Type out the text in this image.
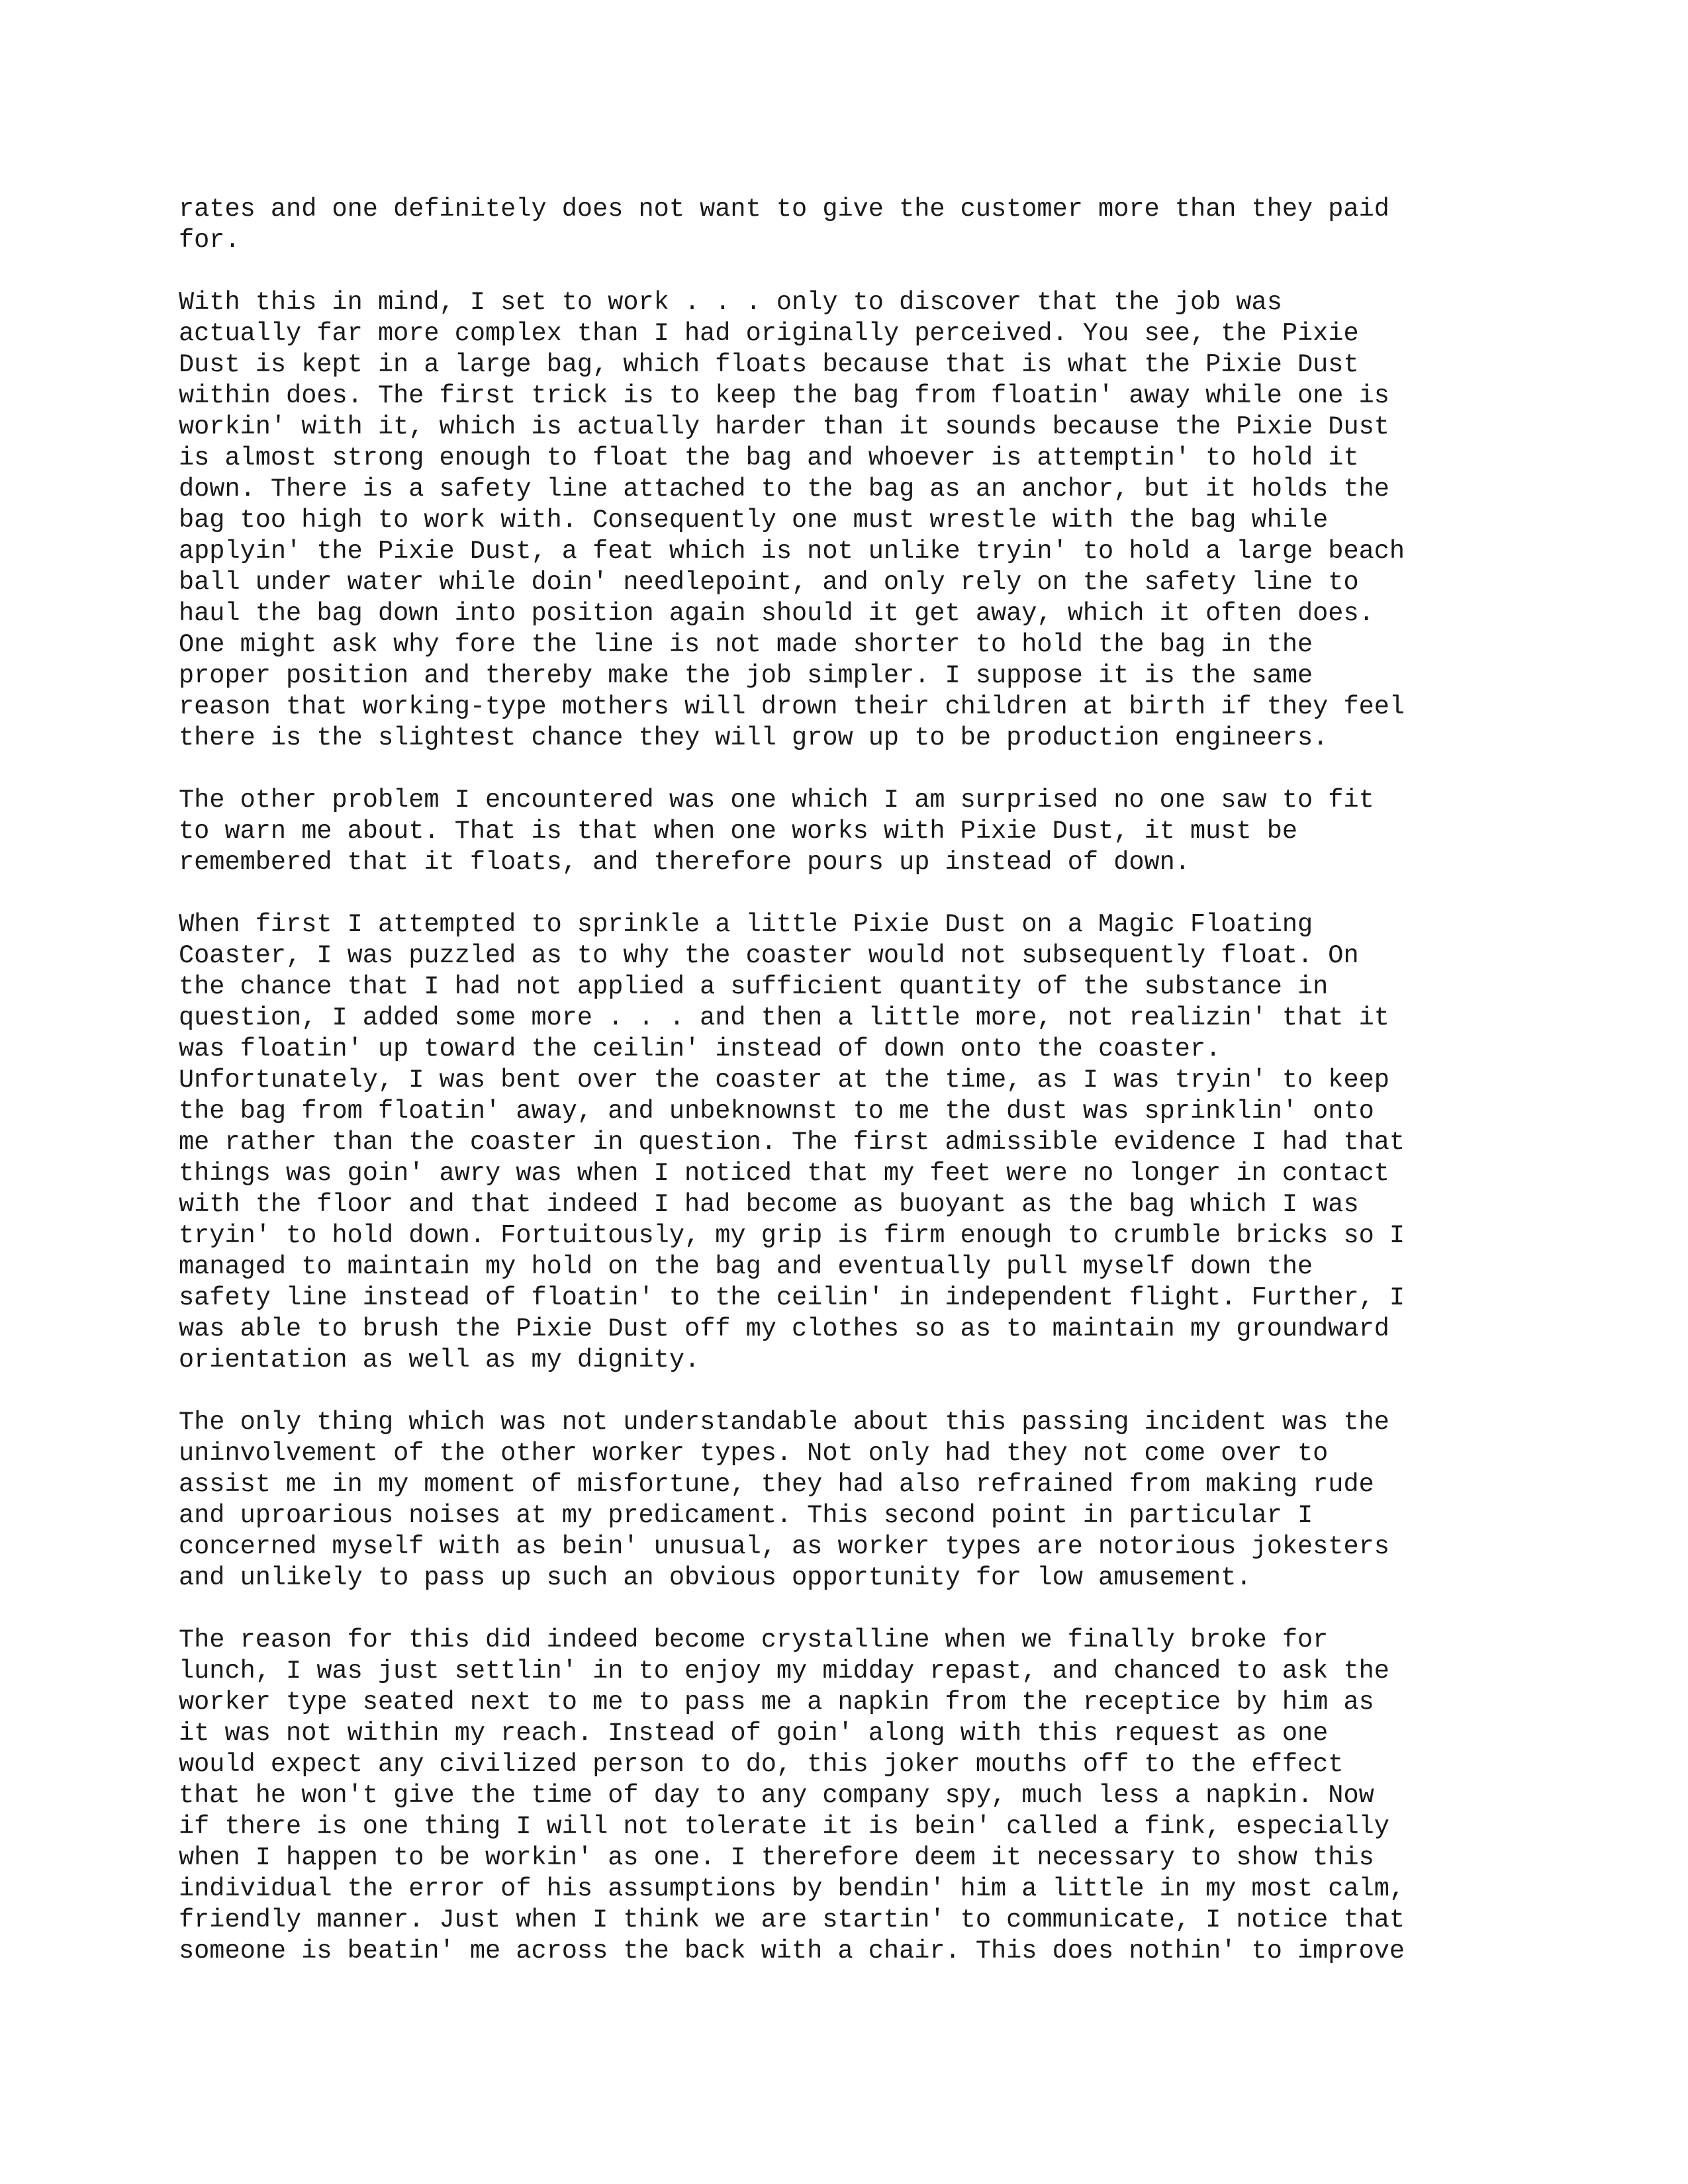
rates and one definitely does not want to give the customer more than they paid
for.
With this in mind, I set to work . . . only to discover that the job was
actually far more complex than I had originally perceived. You see, the Pixie
Dust is kept in a large bag, which floats because that is what the Pixie Dust
within does. The first trick is to keep the bag from floatin' away while one is
workin' with it, which is actually harder than it sounds because the Pixie Dust
is almost strong enough to float the bag and whoever is attemptin' to hold it
down. There is a safety line attached to the bag as an anchor, but it holds the
bag too high to work with. Consequently one must wrestle with the bag while
applyin' the Pixie Dust, a feat which is not unlike tryin' to hold a large beach
ball under water while doin' needlepoint, and only rely on the safety line to
haul the bag down into position again should it get away, which it often does.
One might ask why fore the line is not made shorter to hold the bag in the
proper position and thereby make the job simpler. I suppose it is the same
reason that working-type mothers will drown their children at birth if they feel
there is the slightest chance they will grow up to be production engineers.
The other problem I encountered was one which I am surprised no one saw to fit
to warn me about. That is that when one works with Pixie Dust, it must be
remembered that it floats, and therefore pours up instead of down.
When first I attempted to sprinkle a little Pixie Dust on a Magic Floating
Coaster, I was puzzled as to why the coaster would not subsequently float. On
the chance that I had not applied a sufficient quantity of the substance in
question, I added some more . . . and then a little more, not realizin' that it
was floatin' up toward the ceilin' instead of down onto the coaster.
Unfortunately, I was bent over the coaster at the time, as I was tryin' to keep
the bag from floatin' away, and unbeknownst to me the dust was sprinklin' onto
me rather than the coaster in question. The first admissible evidence I had that
things was goin' awry was when I noticed that my feet were no longer in contact
with the floor and that indeed I had become as buoyant as the bag which I was
tryin' to hold down. Fortuitously, my grip is firm enough to crumble bricks so I
managed to maintain my hold on the bag and eventually pull myself down the
safety line instead of floatin' to the ceilin' in independent flight. Further, I
was able to brush the Pixie Dust off my clothes so as to maintain my groundward
orientation as well as my dignity.
The only thing which was not understandable about this passing incident was the
uninvolvement of the other worker types. Not only had they not come over to
assist me in my moment of misfortune, they had also refrained from making rude
and uproarious noises at my predicament. This second point in particular I
concerned myself with as bein' unusual, as worker types are notorious jokesters
and unlikely to pass up such an obvious opportunity for low amusement.
The reason for this did indeed become crystalline when we finally broke for
lunch, I was just settlin' in to enjoy my midday repast, and chanced to ask the
worker type seated next to me to pass me a napkin from the receptice by him as
it was not within my reach. Instead of goin' along with this request as one
would expect any civilized person to do, this joker mouths off to the effect
that he won't give the time of day to any company spy, much less a napkin. Now
if there is one thing I will not tolerate it is bein' called a fink, especially
when I happen to be workin' as one. I therefore deem it necessary to show this
individual the error of his assumptions by bendin' him a little in my most calm,
friendly manner. Just when I think we are startin' to communicate, I notice that
someone is beatin' me across the back with a chair. This does nothin' to improve
